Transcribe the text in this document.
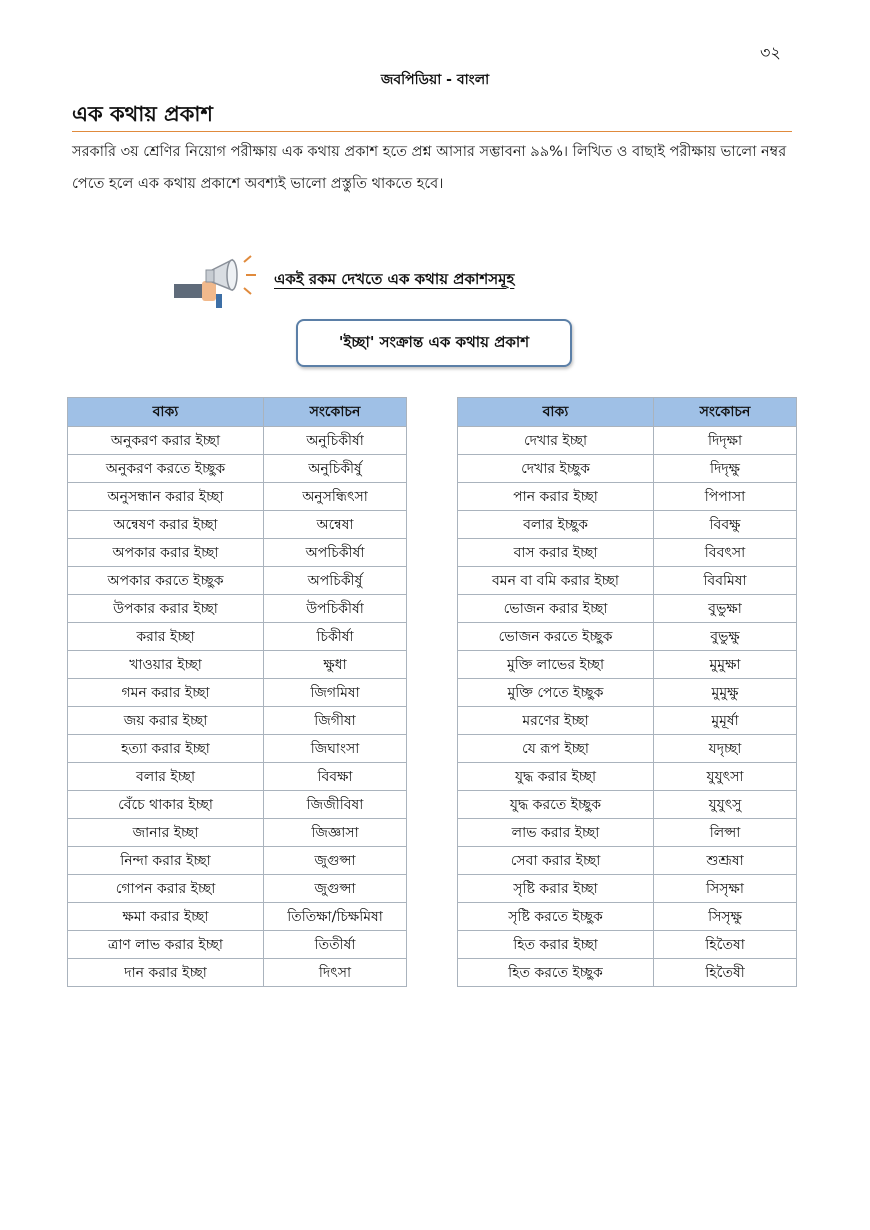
৩২
জবপিডিয়া - বাংলা
এক কথায় প্রকাশ
সরকারি ৩য় শ্রেণির নিয়োগ পরীক্ষায় এক কথায় প্রকাশ হতে প্রশ্ন আসার সম্ভাবনা ৯৯%। লিখিত ও বাছাই পরীক্ষায় ভালো নম্বর পেতে হলে এক কথায় প্রকাশে অবশ্যই ভালো প্রস্তুতি থাকতে হবে।
একই রকম দেখতে এক কথায় প্রকাশসমূহ
'ইচ্ছা' সংক্রান্ত এক কথায় প্রকাশ
বাক্য	সংকোচন
অনুকরণ করার ইচ্ছা	অনুচিকীর্ষা
অনুকরণ করতে ইচ্ছুক	অনুচিকীর্ষু
অনুসন্ধান করার ইচ্ছা	অনুসন্ধিৎসা
অন্বেষণ করার ইচ্ছা	অন্বেষা
অপকার করার ইচ্ছা	অপচিকীর্ষা
অপকার করতে ইচ্ছুক	অপচিকীর্ষু
উপকার করার ইচ্ছা	উপচিকীর্ষা
করার ইচ্ছা	চিকীর্ষা
খাওয়ার ইচ্ছা	ক্ষুধা
গমন করার ইচ্ছা	জিগমিষা
জয় করার ইচ্ছা	জিগীষা
হত্যা করার ইচ্ছা	জিঘাংসা
বলার ইচ্ছা	বিবক্ষা
বেঁচে থাকার ইচ্ছা	জিজীবিষা
জানার ইচ্ছা	জিজ্ঞাসা
নিন্দা করার ইচ্ছা	জুগুপ্সা
গোপন করার ইচ্ছা	জুগুপ্সা
ক্ষমা করার ইচ্ছা	তিতিক্ষা/চিক্ষমিষা
ত্রাণ লাভ করার ইচ্ছা	তিতীর্ষা
দান করার ইচ্ছা	দিৎসা
বাক্য	সংকোচন
দেখার ইচ্ছা	দিদৃক্ষা
দেখার ইচ্ছুক	দিদৃক্ষু
পান করার ইচ্ছা	পিপাসা
বলার ইচ্ছুক	বিবক্ষু
বাস করার ইচ্ছা	বিবৎসা
বমন বা বমি করার ইচ্ছা	বিবমিষা
ভোজন করার ইচ্ছা	বুভুক্ষা
ভোজন করতে ইচ্ছুক	বুভুক্ষু
মুক্তি লাভের ইচ্ছা	মুমুক্ষা
মুক্তি পেতে ইচ্ছুক	মুমুক্ষু
মরণের ইচ্ছা	মুমূর্ষা
যে রূপ ইচ্ছা	যদৃচ্ছা
যুদ্ধ করার ইচ্ছা	যুযুৎসা
যুদ্ধ করতে ইচ্ছুক	যুযুৎসু
লাভ করার ইচ্ছা	লিপ্সা
সেবা করার ইচ্ছা	শুশ্রূষা
সৃষ্টি করার ইচ্ছা	সিসৃক্ষা
সৃষ্টি করতে ইচ্ছুক	সিসৃক্ষু
হিত করার ইচ্ছা	হিতৈষা
হিত করতে ইচ্ছুক	হিতৈষী
